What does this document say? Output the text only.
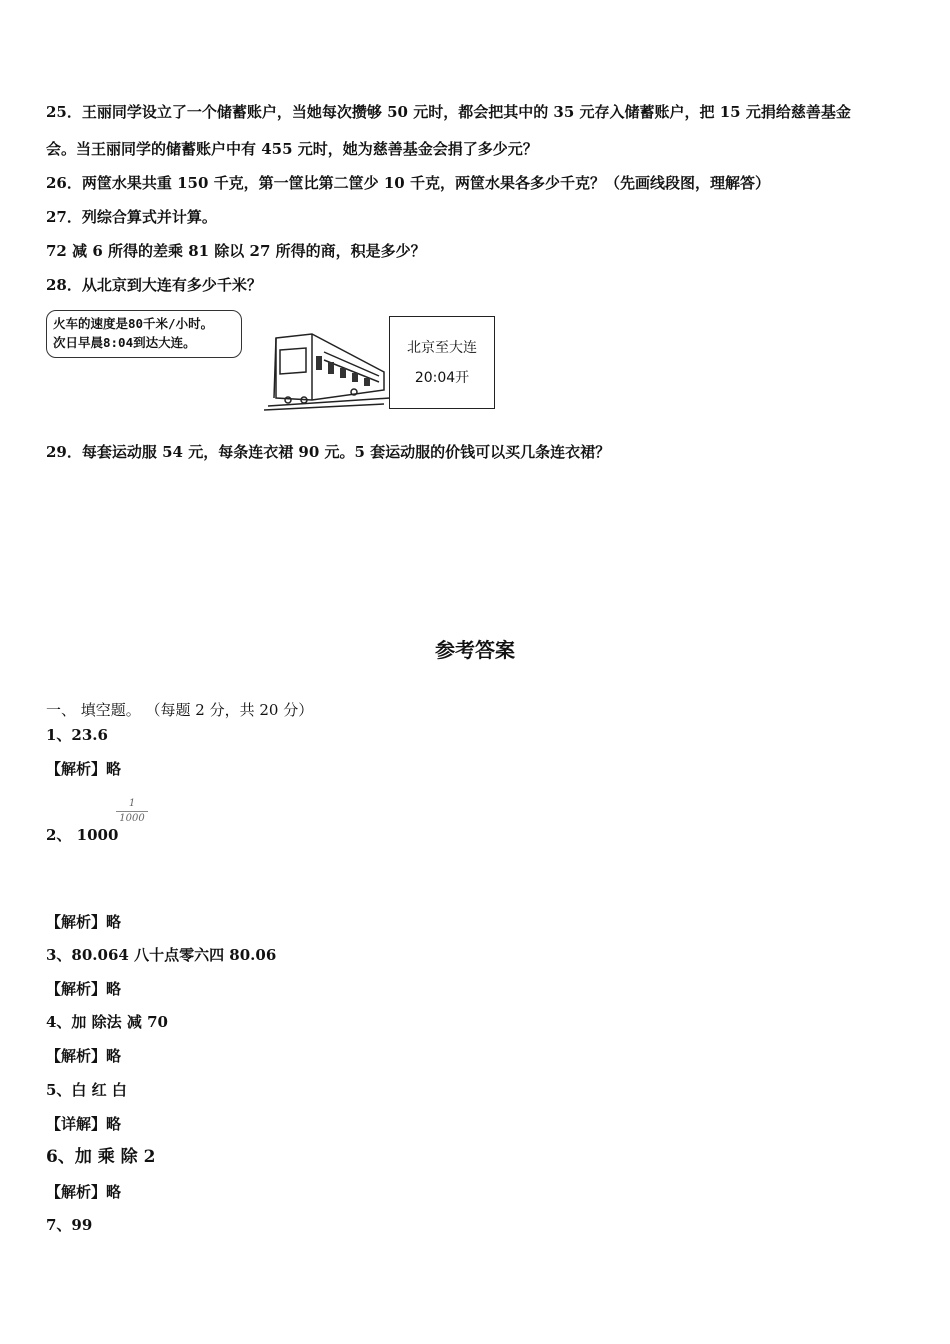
25．王丽同学设立了一个储蓄账户，当她每次攒够 50 元时，都会把其中的 35 元存入储蓄账户，把 15 元捐给慈善基金
会。当王丽同学的储蓄账户中有 455 元时，她为慈善基金会捐了多少元？
26．两筐水果共重 150 千克，第一筐比第二筐少 10 千克，两筐水果各多少千克？（先画线段图，理解答）
27．列综合算式并计算。
72 减 6 所得的差乘 81 除以 27 所得的商，积是多少？
28．从北京到大连有多少千米？
火车的速度是80千米/小时。
次日早晨8:04到达大连。	北京至大连
20:04开
29．每套运动服 54 元，每条连衣裙 90 元。5 套运动服的价钱可以买几条连衣裙？
参考答案
一、 填空题。 （每题 2 分，共 20 分）
1、23.6
【解析】略
2、 1000
1
1000
【解析】略
3、80.064 八十点零六四 80.06
【解析】略
4、加 除法 减 70
【解析】略
5、白 红 白
【详解】略
6、加 乘 除 2
【解析】略
7、99
